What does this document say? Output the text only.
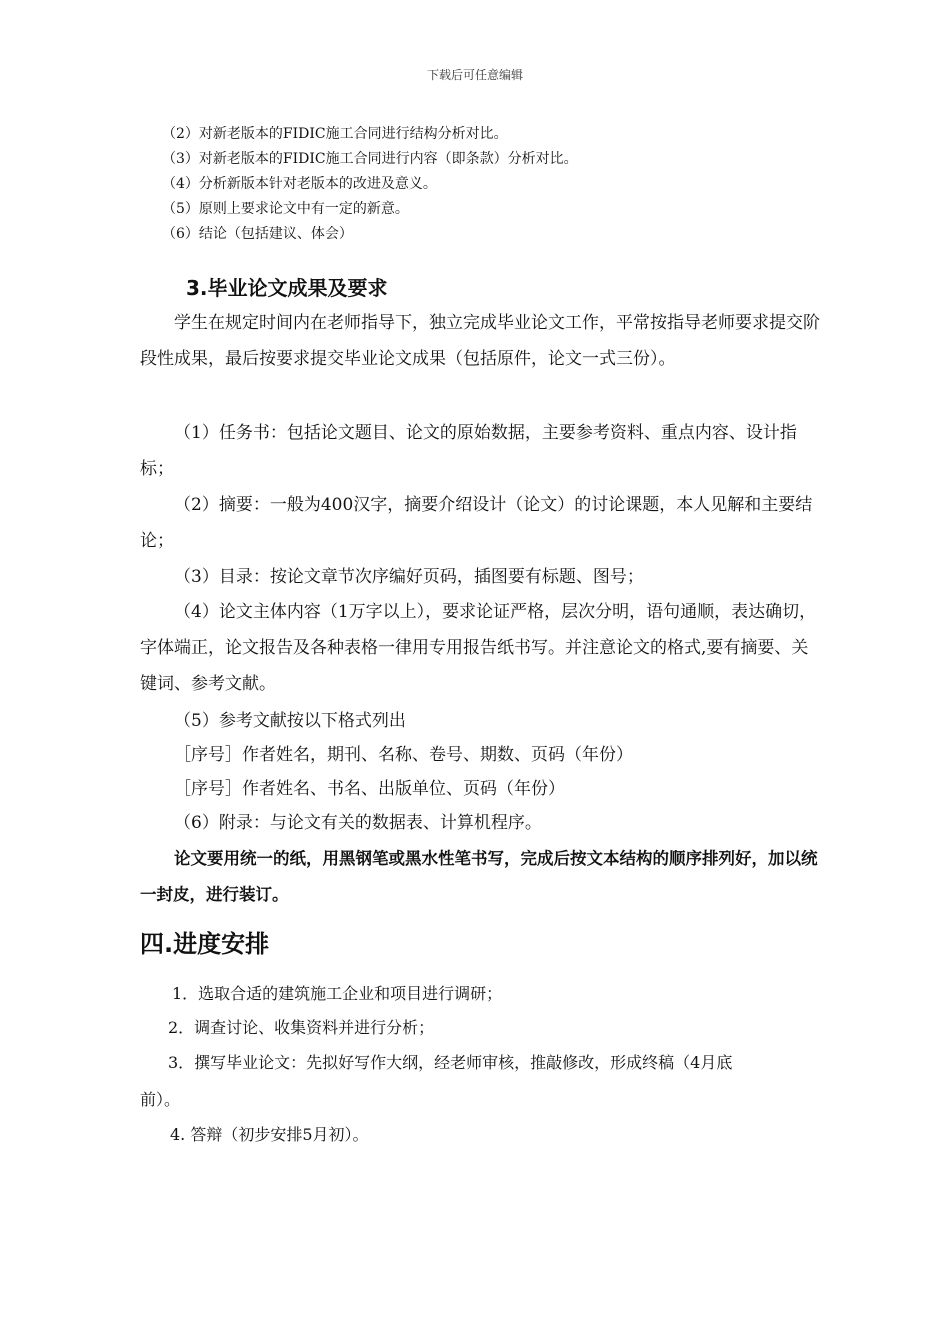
下载后可任意编辑

（2）对新老版本的FIDIC施工合同进行结构分析对比。

（3）对新老版本的FIDIC施工合同进行内容（即条款）分析对比。

（4）分析新版本针对老版本的改进及意义。

（5）原则上要求论文中有一定的新意。

（6）结论（包括建议、体会）

3.毕业论文成果及要求

学生在规定时间内在老师指导下，独立完成毕业论文工作，平常按指导老师要求提交阶段性成果，最后按要求提交毕业论文成果（包括原件，论文一式三份）。

（1）任务书：包括论文题目、论文的原始数据，主要参考资料、重点内容、设计指标；

（2）摘要：一般为400汉字，摘要介绍设计（论文）的讨论课题，本人见解和主要结论；

（3）目录：按论文章节次序编好页码，插图要有标题、图号；

（4）论文主体内容（1万字以上），要求论证严格，层次分明，语句通顺，表达确切，字体端正，论文报告及各种表格一律用专用报告纸书写。并注意论文的格式,要有摘要、关键词、参考文献。

（5）参考文献按以下格式列出

［序号］作者姓名，期刊、名称、卷号、期数、页码（年份）

［序号］作者姓名、书名、出版单位、页码（年份）

（6）附录：与论文有关的数据表、计算机程序。

论文要用统一的纸，用黑钢笔或黑水性笔书写，完成后按文本结构的顺序排列好，加以统一封皮，进行装订。

四.进度安排

1．选取合适的建筑施工企业和项目进行调研；

2．调查讨论、收集资料并进行分析；

3．撰写毕业论文：先拟好写作大纲，经老师审核，推敲修改，形成终稿（4月底

前）。

4. 答辩（初步安排5月初）。
